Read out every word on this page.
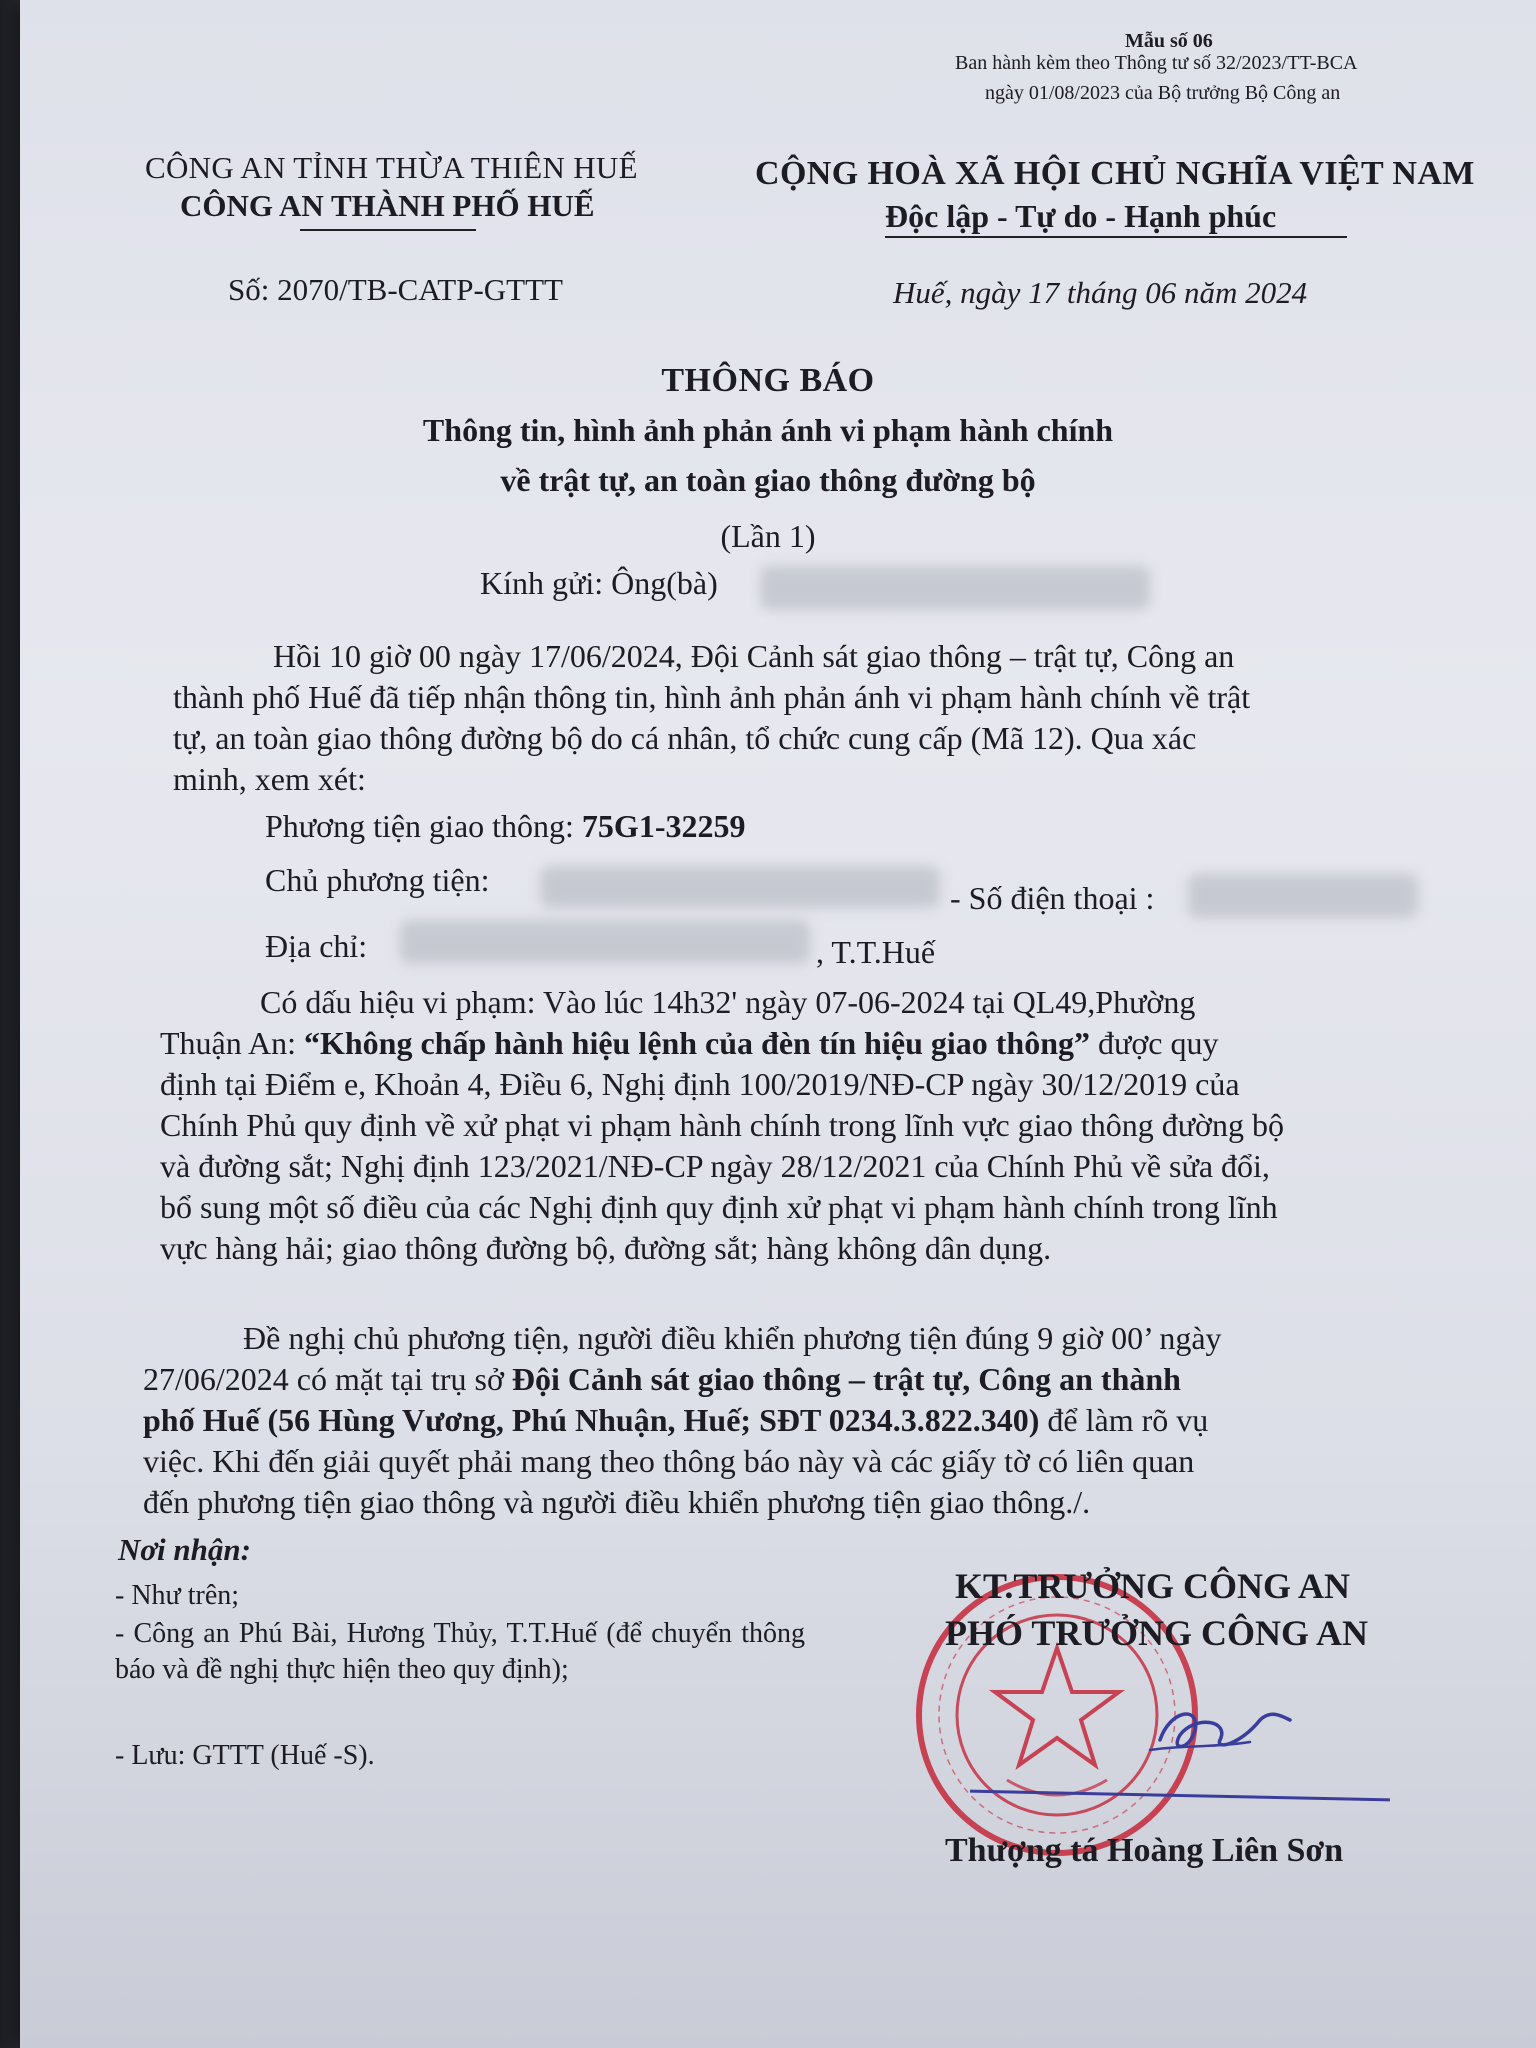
Mẫu số 06
Ban hành kèm theo Thông tư số 32/2023/TT-BCA
ngày 01/08/2023 của Bộ trưởng Bộ Công an
CÔNG AN TỈNH THỪA THIÊN HUẾ
CÔNG AN THÀNH PHỐ HUẾ
Số: 2070/TB-CATP-GTTT
CỘNG HOÀ XÃ HỘI CHỦ NGHĨA VIỆT NAM
Độc lập - Tự do - Hạnh phúc
Huế, ngày 17 tháng 06 năm 2024
THÔNG BÁO
Thông tin, hình ảnh phản ánh vi phạm hành chính
về trật tự, an toàn giao thông đường bộ
(Lần 1)
Kính gửi: Ông(bà)
Hồi 10 giờ 00 ngày 17/06/2024, Đội Cảnh sát giao thông – trật tự, Công an
thành phố Huế đã tiếp nhận thông tin, hình ảnh phản ánh vi phạm hành chính về trật
tự, an toàn giao thông đường bộ do cá nhân, tổ chức cung cấp (Mã 12). Qua xác
minh, xem xét:
Phương tiện giao thông: 75G1-32259
Chủ phương tiện:	- Số điện thoại :
Địa chỉ:	, T.T.Huế
Có dấu hiệu vi phạm: Vào lúc 14h32' ngày 07-06-2024 tại QL49,Phường
Thuận An: “Không chấp hành hiệu lệnh của đèn tín hiệu giao thông” được quy
định tại Điểm e, Khoản 4, Điều 6, Nghị định 100/2019/NĐ-CP ngày 30/12/2019 của
Chính Phủ quy định về xử phạt vi phạm hành chính trong lĩnh vực giao thông đường bộ
và đường sắt; Nghị định 123/2021/NĐ-CP ngày 28/12/2021 của Chính Phủ về sửa đổi,
bổ sung một số điều của các Nghị định quy định xử phạt vi phạm hành chính trong lĩnh
vực hàng hải; giao thông đường bộ, đường sắt; hàng không dân dụng.
Đề nghị chủ phương tiện, người điều khiển phương tiện đúng 9 giờ 00’ ngày
27/06/2024 có mặt tại trụ sở Đội Cảnh sát giao thông – trật tự, Công an thành
phố Huế (56 Hùng Vương, Phú Nhuận, Huế; SĐT 0234.3.822.340) để làm rõ vụ
việc. Khi đến giải quyết phải mang theo thông báo này và các giấy tờ có liên quan
đến phương tiện giao thông và người điều khiển phương tiện giao thông./.
Nơi nhận:
- Như trên;
- Công an Phú Bài, Hương Thủy, T.T.Huế (để chuyển thông báo và đề nghị thực hiện theo quy định);
- Lưu: GTTT (Huế -S).
KT.TRƯỞNG CÔNG AN
PHÓ TRƯỞNG CÔNG AN
Thượng tá Hoàng Liên Sơn
